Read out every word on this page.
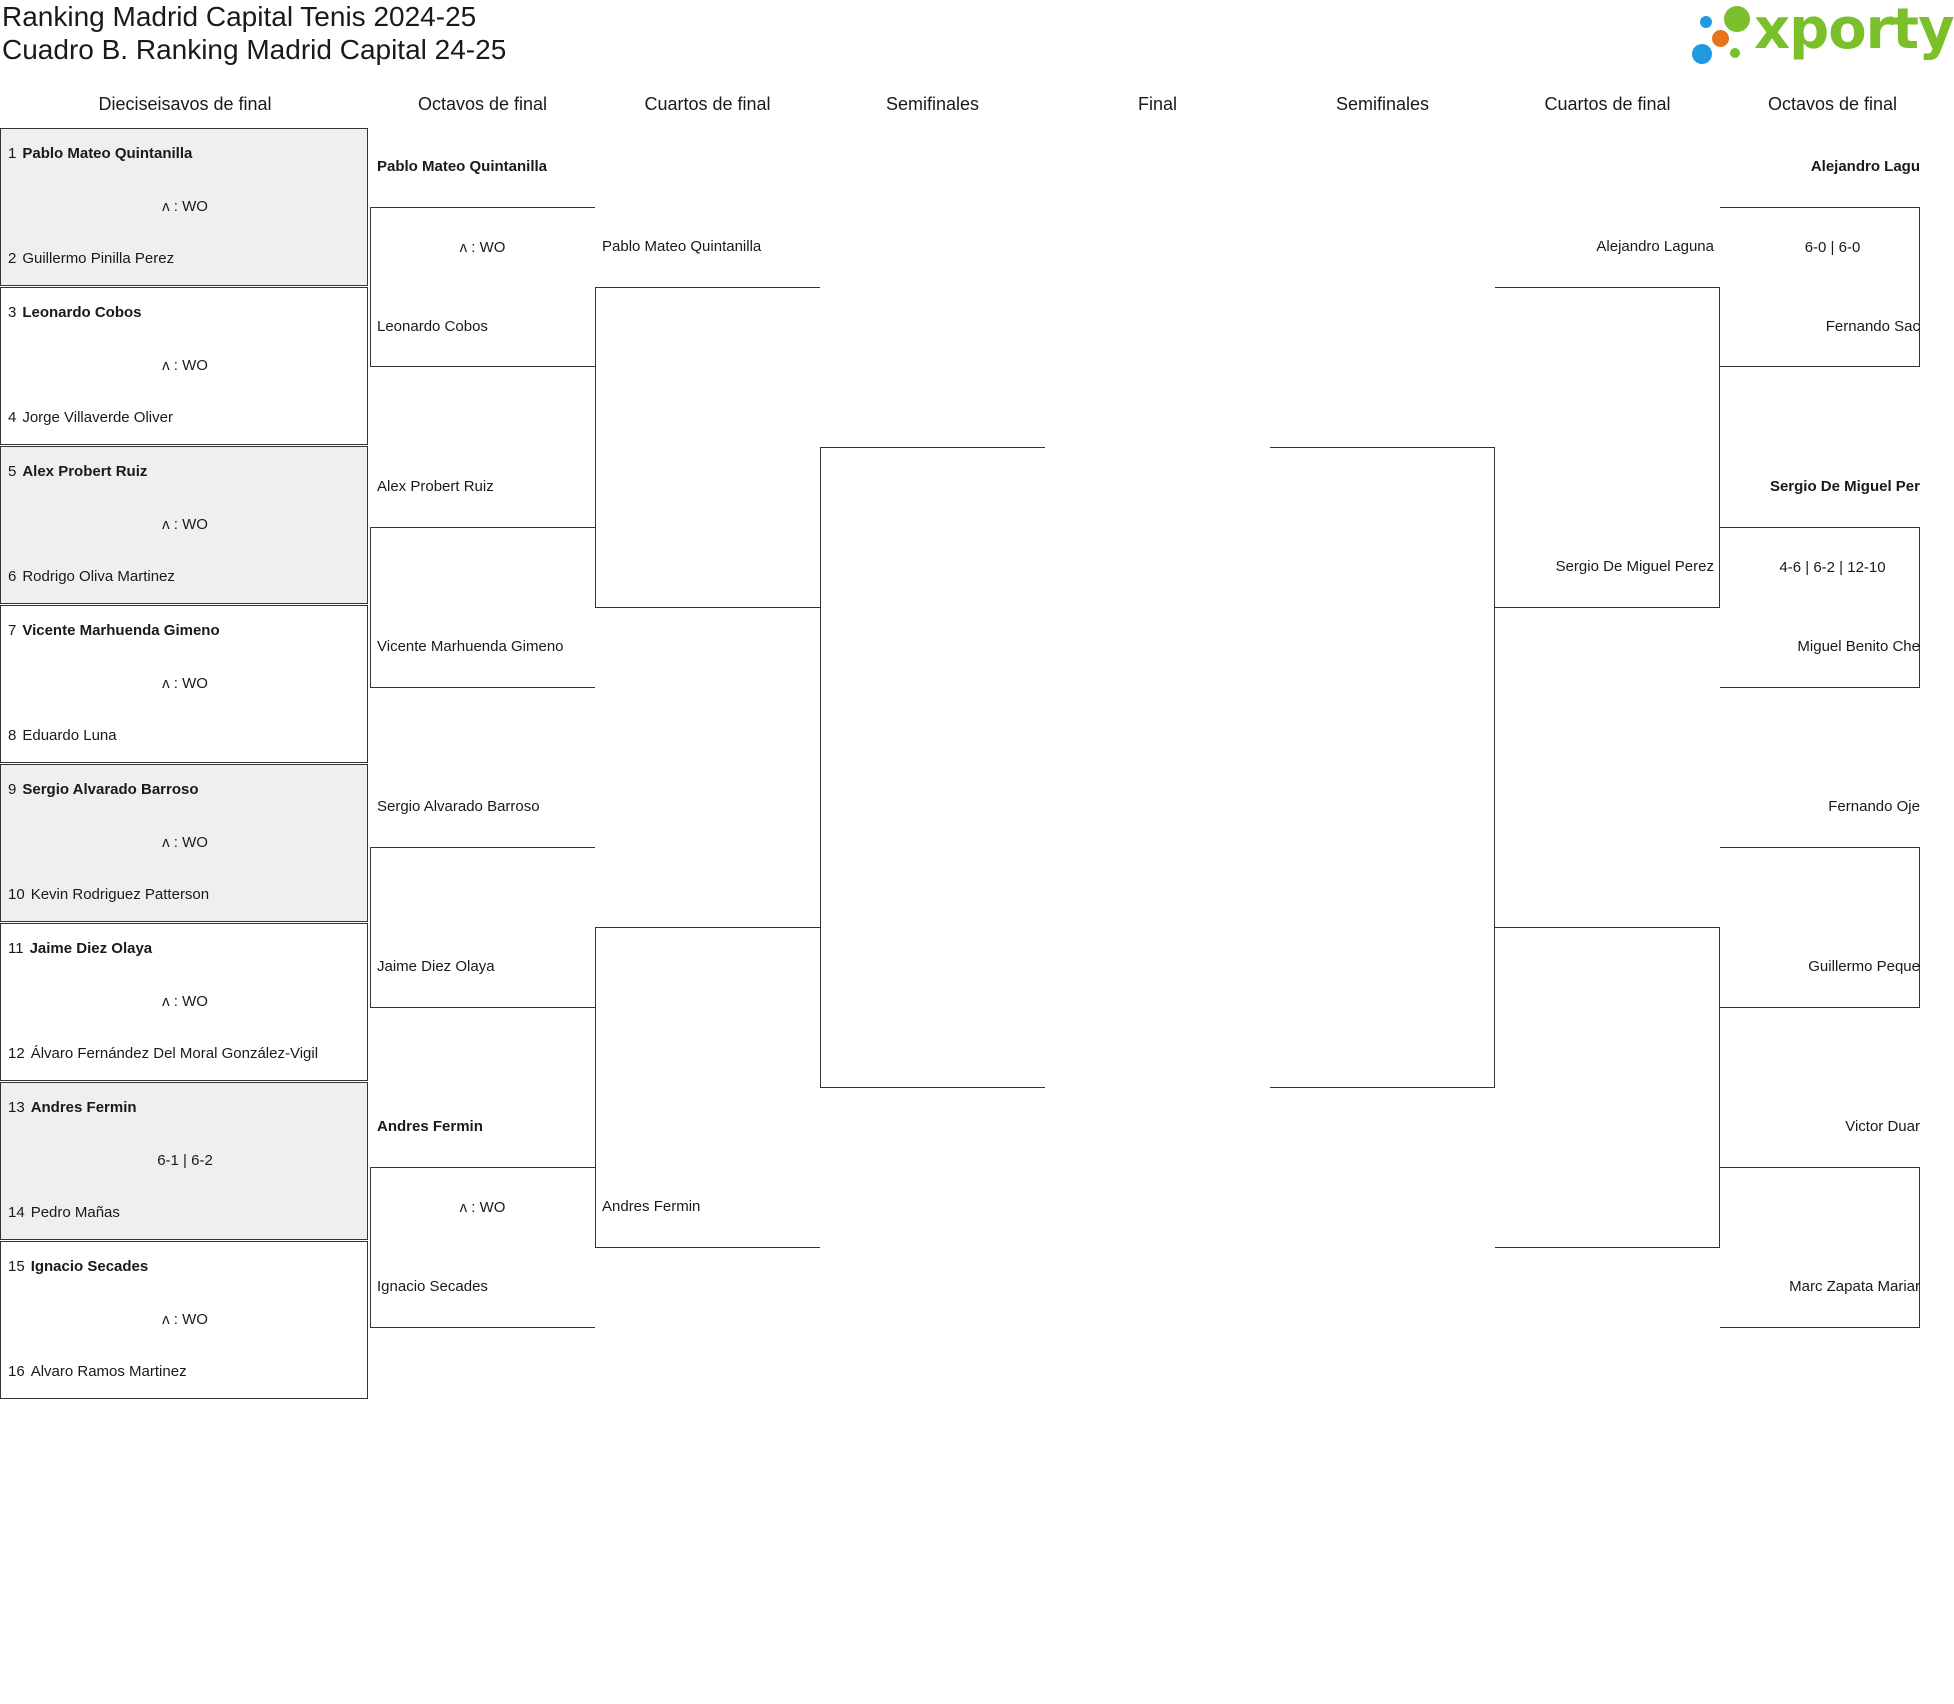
Ranking Madrid Capital Tenis 2024-25
Cuadro B. Ranking Madrid Capital 24-25	xporty
Dieciseisavos de final	Octavos de final	Cuartos de final	Semifinales	Final	Semifinales	Cuartos de final	Octavos de final
1 Pablo Mateo Quintanilla
ʌ : WO
2 Guillermo Pinilla Perez
3 Leonardo Cobos
ʌ : WO
4 Jorge Villaverde Oliver
5 Alex Probert Ruiz
ʌ : WO
6 Rodrigo Oliva Martinez
7 Vicente Marhuenda Gimeno
ʌ : WO
8 Eduardo Luna
9 Sergio Alvarado Barroso
ʌ : WO
10 Kevin Rodriguez Patterson
11 Jaime Diez Olaya
ʌ : WO
12 Álvaro Fernández Del Moral González-Vigil
13 Andres Fermin
6-1 | 6-2
14 Pedro Mañas
15 Ignacio Secades
ʌ : WO
16 Alvaro Ramos Martinez
Pablo Mateo Quintanilla
ʌ : WO
Leonardo Cobos
Alex Probert Ruiz
Vicente Marhuenda Gimeno
Sergio Alvarado Barroso
Jaime Diez Olaya
Andres Fermin
ʌ : WO
Ignacio Secades
Pablo Mateo Quintanilla
Andres Fermin
Alejandro Laguna
Sergio De Miguel Perez
Alejandro Lagu
6-0 | 6-0
Fernando Sac
Sergio De Miguel Per
4-6 | 6-2 | 12-10
Miguel Benito Che
Fernando Oje
Guillermo Peque
Victor Duar
Marc Zapata Mariar
